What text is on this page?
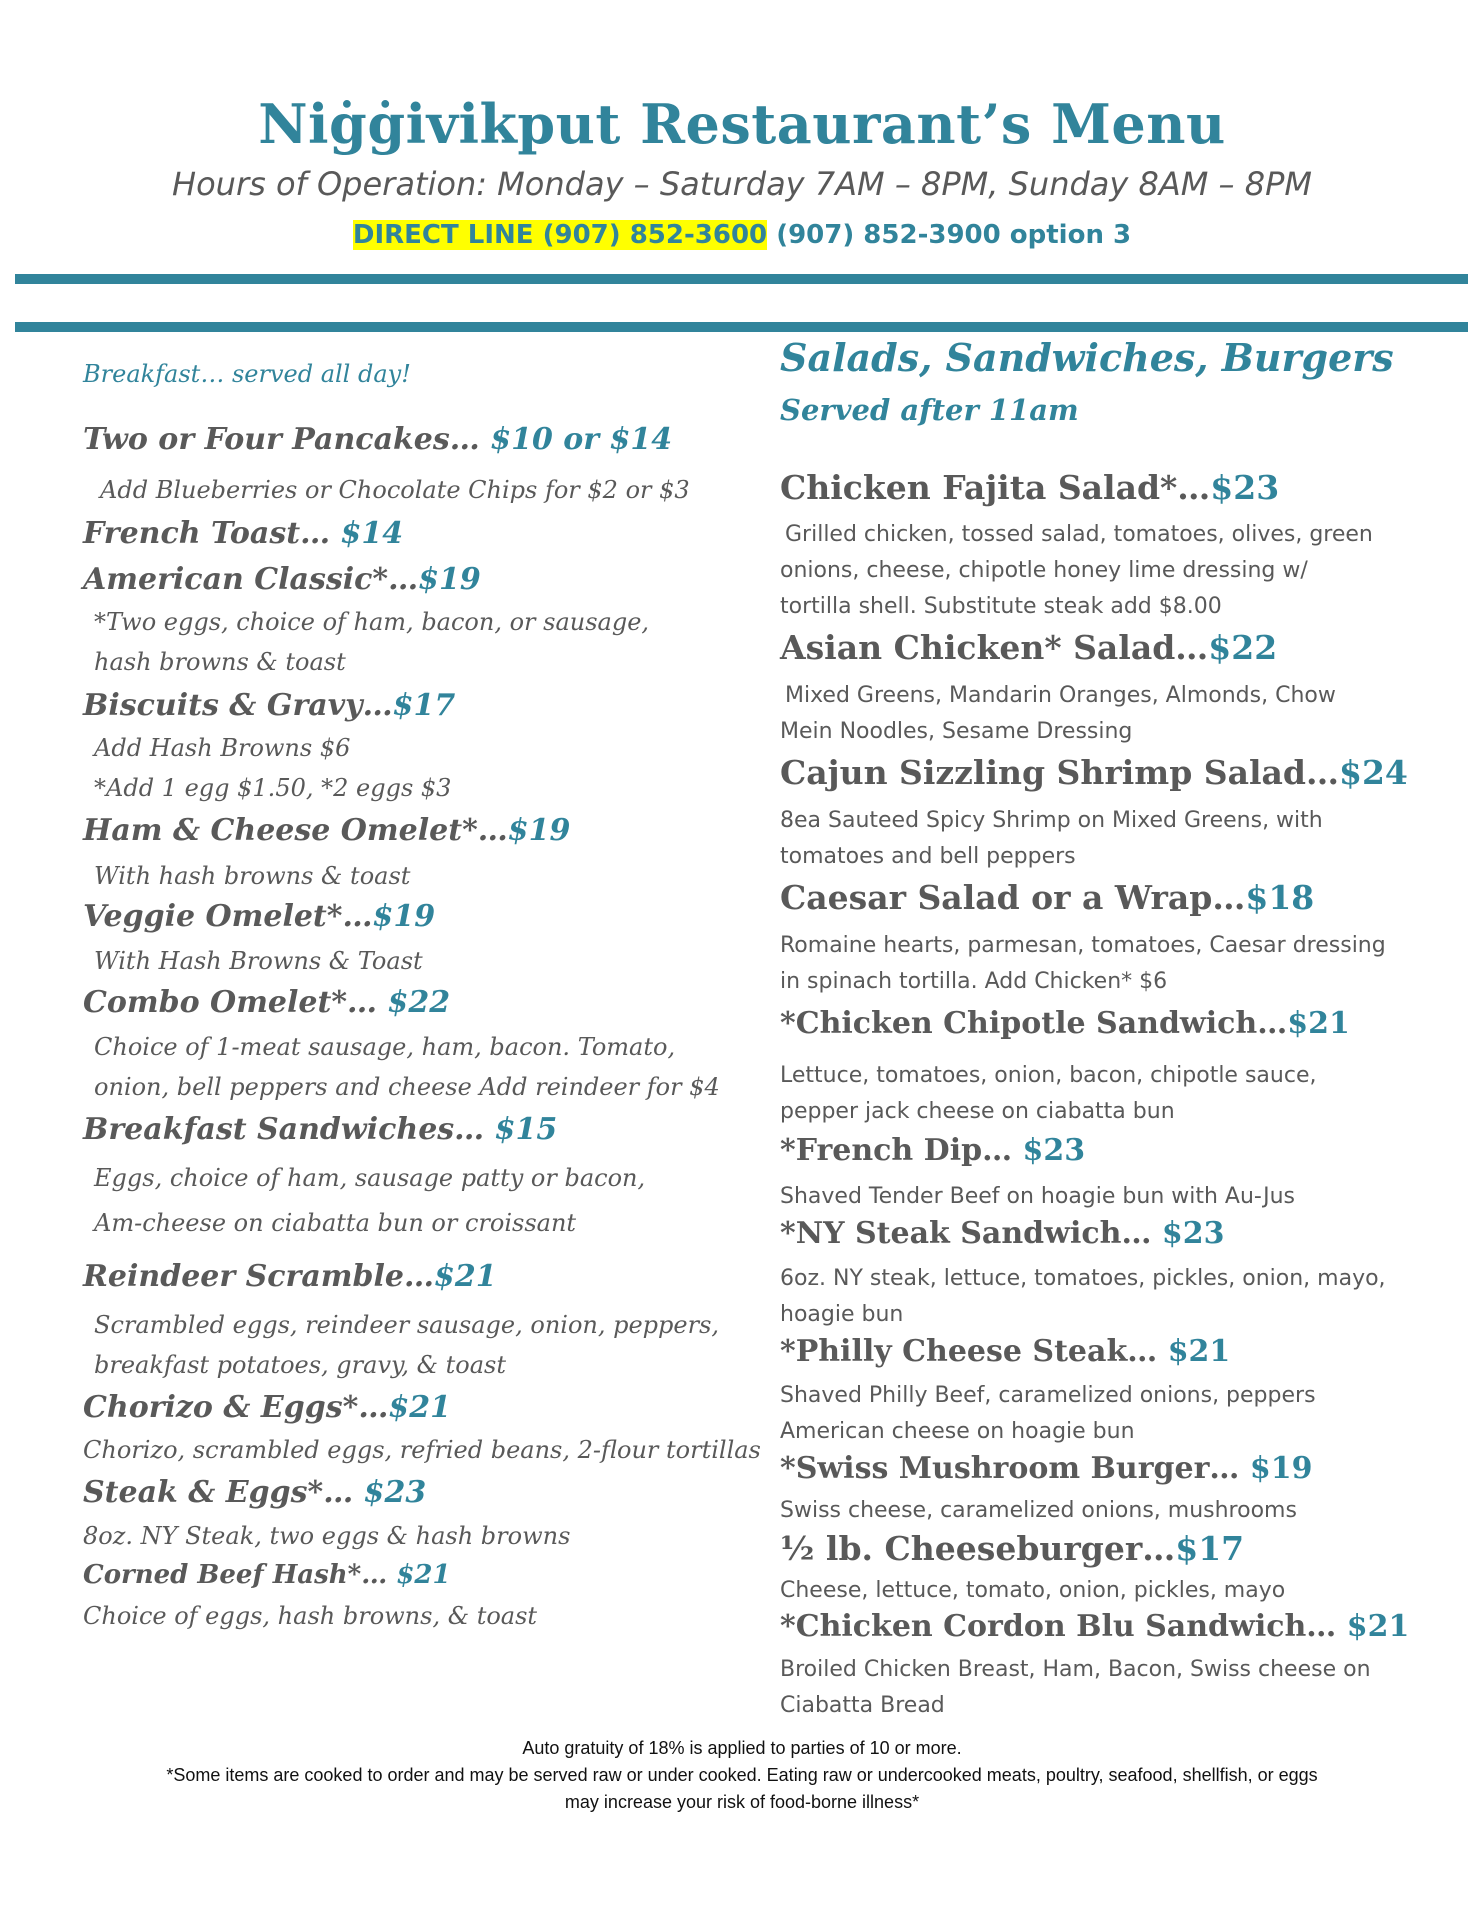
Niġġivikput Restaurant’s Menu
Hours of Operation: Monday – Saturday 7AM – 8PM, Sunday 8AM – 8PM
DIRECT LINE (907) 852-3600 (907) 852-3900 option 3
Breakfast… served all day!
Two or Four Pancakes… $10 or $14
Add Blueberries or Chocolate Chips for $2 or $3
French Toast… $14
American Classic*…$19
*Two eggs, choice of ham, bacon, or sausage,
hash browns & toast
Biscuits & Gravy…$17
Add Hash Browns $6
*Add 1 egg $1.50, *2 eggs $3
Ham & Cheese Omelet*…$19
With hash browns & toast
Veggie Omelet*…$19
With Hash Browns & Toast
Combo Omelet*… $22
Choice of 1-meat sausage, ham, bacon. Tomato,
onion, bell peppers and cheese Add reindeer for $4
Breakfast Sandwiches… $15
Eggs, choice of ham, sausage patty or bacon,
Am-cheese on ciabatta bun or croissant
Reindeer Scramble…$21
Scrambled eggs, reindeer sausage, onion, peppers,
breakfast potatoes, gravy, & toast
Chorizo & Eggs*…$21
Chorizo, scrambled eggs, refried beans, 2-flour tortillas
Steak & Eggs*… $23
8oz. NY Steak, two eggs & hash browns
Corned Beef Hash*… $21
Choice of eggs, hash browns, & toast
Salads, Sandwiches, Burgers
Served after 11am
Chicken Fajita Salad*…$23
Grilled chicken, tossed salad, tomatoes, olives, green
onions, cheese, chipotle honey lime dressing w/
tortilla shell. Substitute steak add $8.00
Asian Chicken* Salad…$22
Mixed Greens, Mandarin Oranges, Almonds, Chow
Mein Noodles, Sesame Dressing
Cajun Sizzling Shrimp Salad…$24
8ea Sauteed Spicy Shrimp on Mixed Greens, with
tomatoes and bell peppers
Caesar Salad or a Wrap…$18
Romaine hearts, parmesan, tomatoes, Caesar dressing
in spinach tortilla. Add Chicken* $6
*Chicken Chipotle Sandwich…$21
Lettuce, tomatoes, onion, bacon, chipotle sauce,
pepper jack cheese on ciabatta bun
*French Dip… $23
Shaved Tender Beef on hoagie bun with Au-Jus
*NY Steak Sandwich… $23
6oz. NY steak, lettuce, tomatoes, pickles, onion, mayo,
hoagie bun
*Philly Cheese Steak… $21
Shaved Philly Beef, caramelized onions, peppers
American cheese on hoagie bun
*Swiss Mushroom Burger… $19
Swiss cheese, caramelized onions, mushrooms
½ lb. Cheeseburger…$17
Cheese, lettuce, tomato, onion, pickles, mayo
*Chicken Cordon Blu Sandwich… $21
Broiled Chicken Breast, Ham, Bacon, Swiss cheese on
Ciabatta Bread
Auto gratuity of 18% is applied to parties of 10 or more.
*Some items are cooked to order and may be served raw or under cooked. Eating raw or undercooked meats, poultry, seafood, shellfish, or eggs
may increase your risk of food-borne illness*
